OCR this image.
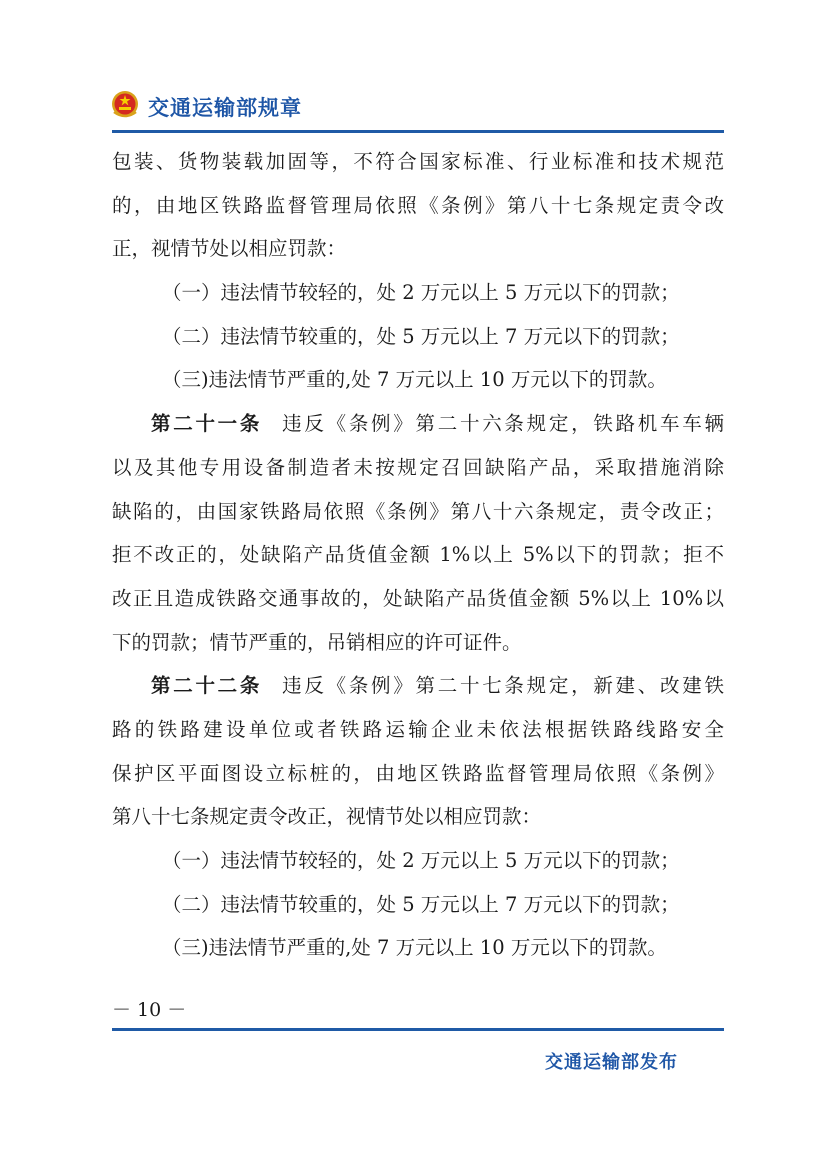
交通运输部规章
包装、货物装载加固等，不符合国家标准、行业标准和技术规范
的，由地区铁路监督管理局依照《条例》第八十七条规定责令改
正，视情节处以相应罚款：
（一）违法情节较轻的，处 2 万元以上 5 万元以下的罚款；
（二）违法情节较重的，处 5 万元以上 7 万元以下的罚款；
（三)违法情节严重的,处 7 万元以上 10 万元以下的罚款。
第二十一条 违反《条例》第二十六条规定，铁路机车车辆
以及其他专用设备制造者未按规定召回缺陷产品，采取措施消除
缺陷的，由国家铁路局依照《条例》第八十六条规定，责令改正；
拒不改正的，处缺陷产品货值金额 1%以上 5%以下的罚款；拒不
改正且造成铁路交通事故的，处缺陷产品货值金额 5%以上 10%以
下的罚款；情节严重的，吊销相应的许可证件。
第二十二条 违反《条例》第二十七条规定，新建、改建铁
路的铁路建设单位或者铁路运输企业未依法根据铁路线路安全
保护区平面图设立标桩的，由地区铁路监督管理局依照《条例》
第八十七条规定责令改正，视情节处以相应罚款：
（一）违法情节较轻的，处 2 万元以上 5 万元以下的罚款；
（二）违法情节较重的，处 5 万元以上 7 万元以下的罚款；
（三)违法情节严重的,处 7 万元以上 10 万元以下的罚款。
－ 10 －
交通运输部发布
